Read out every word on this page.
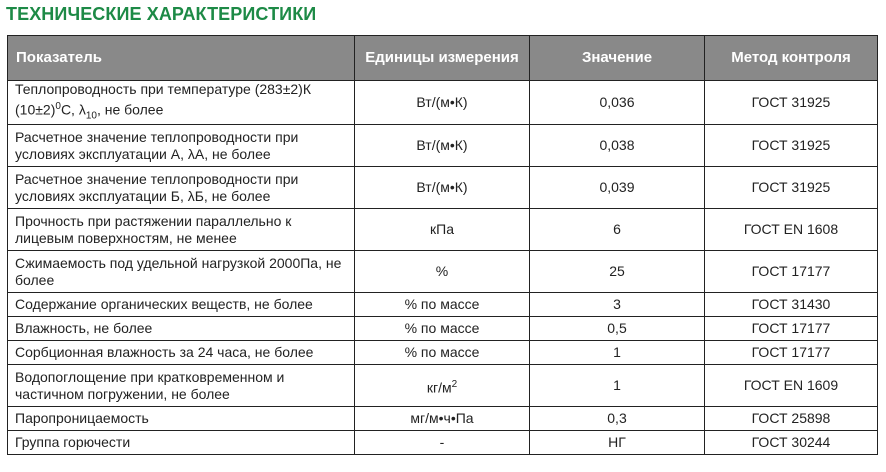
ТЕХНИЧЕСКИЕ ХАРАКТЕРИСТИКИ
Показатель	Единицы измерения	Значение	Метод контроля
Теплопроводность при температуре (283±2)К $(10\pm 2)^0С$, $\lambda_{10}$, не более	Вт/(м•К)	0,036	ГОСТ 31925
Расчетное значение теплопроводности при условиях эксплуатации А, λА, не более	Вт/(м•К)	0,038	ГОСТ 31925
Расчетное значение теплопроводности при условиях эксплуатации Б, λБ, не более	Вт/(м•К)	0,039	ГОСТ 31925
Прочность при растяжении параллельно к лицевым поверхностям, не менее	кПа	6	ГОСТ EN 1608
Сжимаемость под удельной нагрузкой 2000Па, не более	%	25	ГОСТ 17177
Содержание органических веществ, не более	% по массе	3	ГОСТ 31430
Влажность, не более	% по массе	0,5	ГОСТ 17177
Сорбционная влажность за 24 часа, не более	% по массе	1	ГОСТ 17177
Водопоглощение при кратковременном и частичном погружении, не более	$кг/м^2$	1	ГОСТ EN 1609
Паропроницаемость	мг/м•ч•Па	0,3	ГОСТ 25898
Группа горючести	-	НГ	ГОСТ 30244
